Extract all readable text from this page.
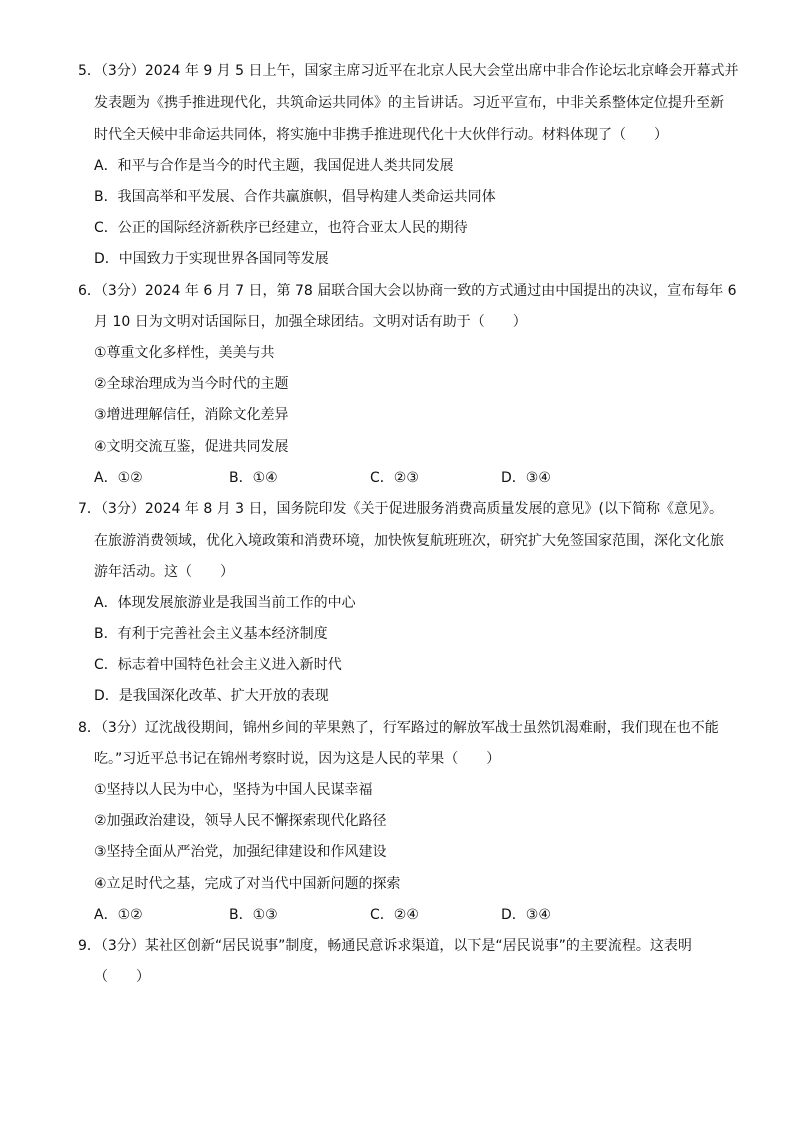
5．（3分）2024 年 9 月 5 日上午，国家主席习近平在北京人民大会堂出席中非合作论坛北京峰会开幕式并
发表题为《携手推进现代化，共筑命运共同体》的主旨讲话。习近平宣布，中非关系整体定位提升至新
时代全天候中非命运共同体，将实施中非携手推进现代化十大伙伴行动。材料体现了（　　）
A．和平与合作是当今的时代主题，我国促进人类共同发展
B．我国高举和平发展、合作共赢旗帜，倡导构建人类命运共同体
C．公正的国际经济新秩序已经建立，也符合亚太人民的期待
D．中国致力于实现世界各国同等发展
6．（3分）2024 年 6 月 7 日，第 78 届联合国大会以协商一致的方式通过由中国提出的决议，宣布每年 6
月 10 日为文明对话国际日，加强全球团结。文明对话有助于（　　）
①尊重文化多样性，美美与共
②全球治理成为当今时代的主题
③增进理解信任，消除文化差异
④文明交流互鉴，促进共同发展
A．①②	B．①④	C．②③	D．③④
7．（3分）2024 年 8 月 3 日，国务院印发《关于促进服务消费高质量发展的意见》(以下简称《意见》。
在旅游消费领域，优化入境政策和消费环境，加快恢复航班班次，研究扩大免签国家范围，深化文化旅
游年活动。这（　　）
A．体现发展旅游业是我国当前工作的中心
B．有利于完善社会主义基本经济制度
C．标志着中国特色社会主义进入新时代
D．是我国深化改革、扩大开放的表现
8．（3分）辽沈战役期间，锦州乡间的苹果熟了，行军路过的解放军战士虽然饥渴难耐，我们现在也不能
吃。”习近平总书记在锦州考察时说，因为这是人民的苹果（　　）
①坚持以人民为中心，坚持为中国人民谋幸福
②加强政治建设，领导人民不懈探索现代化路径
③坚持全面从严治党，加强纪律建设和作风建设
④立足时代之基，完成了对当代中国新问题的探索
A．①②	B．①③	C．②④	D．③④
9．（3分）某社区创新“居民说事”制度，畅通民意诉求渠道，以下是“居民说事”的主要流程。这表明
（　　）
